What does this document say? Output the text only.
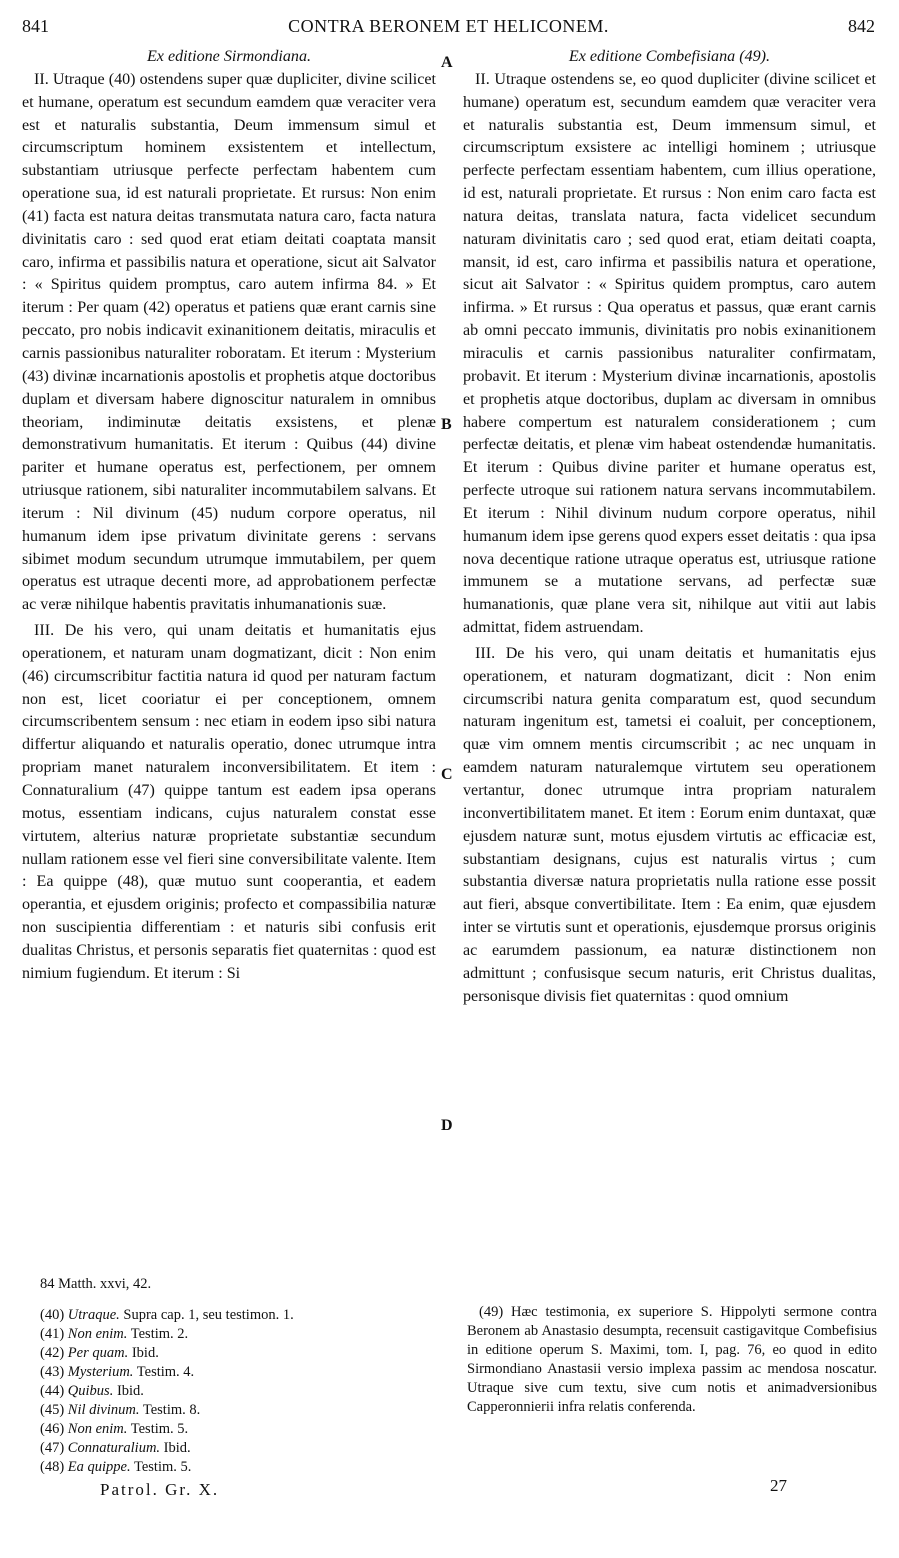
841	CONTRA BERONEM ET HELICONEM.	842
Ex editione Sirmondiana.

II. Utraque (40) ostendens super quæ dupliciter, divine scilicet et humane, operatum est secundum eamdem quæ veraciter vera est et naturalis substantia, Deum immensum simul et circumscriptum hominem exsistentem et intellectum, substantiam utriusque perfecte perfectam habentem cum operatione sua, id est naturali proprietate. Et rursus: Non enim (41) facta est natura deitas transmutata natura caro, facta natura divinitatis caro : sed quod erat etiam deitati coaptata mansit caro, infirma et passibilis natura et operatione, sicut ait Salvator : « Spiritus quidem promptus, caro autem infirma 84. » Et iterum : Per quam (42) operatus et patiens quæ erant carnis sine peccato, pro nobis indicavit exinanitionem deitatis, miraculis et carnis passionibus naturaliter roboratam. Et iterum : Mysterium (43) divinæ incarnationis apostolis et prophetis atque doctoribus duplam et diversam habere dignoscitur naturalem in omnibus theoriam, indiminutæ deitatis exsistens, et plenæ demonstrativum humanitatis. Et iterum : Quibus (44) divine pariter et humane operatus est, perfectionem, per omnem utriusque rationem, sibi naturaliter incommutabilem salvans. Et iterum : Nil divinum (45) nudum corpore operatus, nil humanum idem ipse privatum divinitate gerens : servans sibimet modum secundum utrumque immutabilem, per quem operatus est utraque decenti more, ad approbationem perfectæ ac veræ nihilque habentis pravitatis inhumanationis suæ.

III. De his vero, qui unam deitatis et humanitatis ejus operationem, et naturam unam dogmatizant, dicit : Non enim (46) circumscribitur factitia natura id quod per naturam factum non est, licet cooriatur ei per conceptionem, omnem circumscribentem sensum : nec etiam in eodem ipso sibi natura differtur aliquando et naturalis operatio, donec utrumque intra propriam manet naturalem inconversibilitatem. Et item : Connaturalium (47) quippe tantum est eadem ipsa operans motus, essentiam indicans, cujus naturalem constat esse virtutem, alterius naturæ proprietate substantiæ secundum nullam rationem esse vel fieri sine conversibilitate valente. Item : Ea quippe (48), quæ mutuo sunt cooperantia, et eadem operantia, et ejusdem originis; profecto et compassibilia naturæ non suscipientia differentiam : et naturis sibi confusis erit dualitas Christus, et personis separatis fiet quaternitas : quod est nimium fugiendum. Et iterum : Si

A
B
C
D
Ex editione Combefisiana (49).

II. Utraque ostendens se, eo quod dupliciter (divine scilicet et humane) operatum est, secundum eamdem quæ veraciter vera et naturalis substantia est, Deum immensum simul, et circumscriptum exsistere ac intelligi hominem ; utriusque perfecte perfectam essentiam habentem, cum illius operatione, id est, naturali proprietate. Et rursus : Non enim caro facta est natura deitas, translata natura, facta videlicet secundum naturam divinitatis caro ; sed quod erat, etiam deitati coapta, mansit, id est, caro infirma et passibilis natura et operatione, sicut ait Salvator : « Spiritus quidem promptus, caro autem infirma. » Et rursus : Qua operatus et passus, quæ erant carnis ab omni peccato immunis, divinitatis pro nobis exinanitionem miraculis et carnis passionibus naturaliter confirmatam, probavit. Et iterum : Mysterium divinæ incarnationis, apostolis et prophetis atque doctoribus, duplam ac diversam in omnibus habere compertum est naturalem considerationem ; cum perfectæ deitatis, et plenæ vim habeat ostendendæ humanitatis. Et iterum : Quibus divine pariter et humane operatus est, perfecte utroque sui rationem natura servans incommutabilem. Et iterum : Nihil divinum nudum corpore operatus, nihil humanum idem ipse gerens quod expers esset deitatis : qua ipsa nova decentique ratione utraque operatus est, utriusque ratione immunem se a mutatione servans, ad perfectæ suæ humanationis, quæ plane vera sit, nihilque aut vitii aut labis admittat, fidem astruendam.

III. De his vero, qui unam deitatis et humanitatis ejus operationem, et naturam dogmatizant, dicit : Non enim circumscribi natura genita comparatum est, quod secundum naturam ingenitum est, tametsi ei coaluit, per conceptionem, quæ vim omnem mentis circumscribit ; ac nec unquam in eamdem naturam naturalemque virtutem seu operationem vertantur, donec utrumque intra propriam naturalem inconvertibilitatem manet. Et item : Eorum enim duntaxat, quæ ejusdem naturæ sunt, motus ejusdem virtutis ac efficaciæ est, substantiam designans, cujus est naturalis virtus ; cum substantia diversæ natura proprietatis nulla ratione esse possit aut fieri, absque convertibilitate. Item : Ea enim, quæ ejusdem inter se virtutis sunt et operationis, ejusdemque prorsus originis ac earumdem passionum, ea naturæ distinctionem non admittunt ; confusisque secum naturis, erit Christus dualitas, personisque divisis fiet quaternitas : quod omnium

84 Matth. xxvi, 42.
(40) Utraque. Supra cap. 1, seu testimon. 1.
(41) Non enim. Testim. 2.
(42) Per quam. Ibid.
(43) Mysterium. Testim. 4.
(44) Quibus. Ibid.
(45) Nil divinum. Testim. 8.
(46) Non enim. Testim. 5.
(47) Connaturalium. Ibid.
(48) Ea quippe. Testim. 5.
(49) Hæc testimonia, ex superiore S. Hippolyti sermone contra Beronem ab Anastasio desumpta, recensuit castigavitque Combefisius in editione operum S. Maximi, tom. I, pag. 76, eo quod in edito Sirmondiano Anastasii versio implexa passim ac mendosa noscatur. Utraque sive cum textu, sive cum notis et animadversionibus Capperonnierii infra relatis conferenda.
Patrol. Gr. X.	27
